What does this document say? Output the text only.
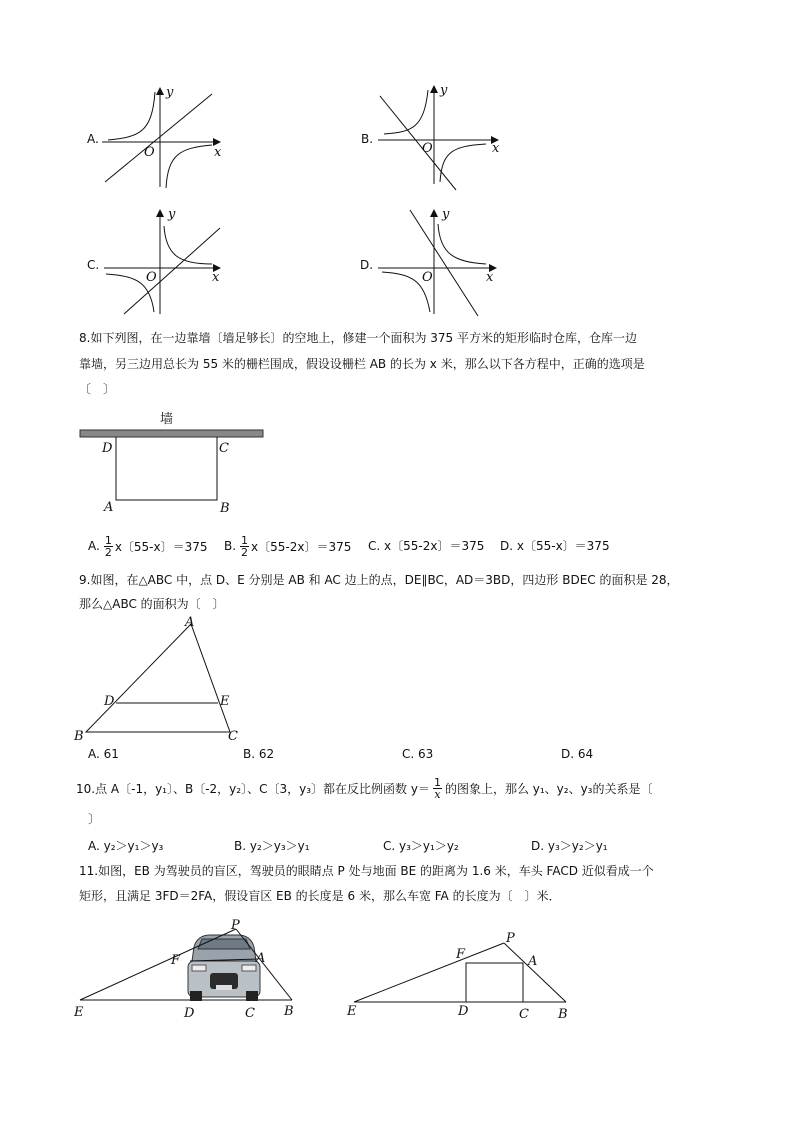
A.
y
O	x
B.
y
O	x
C.
y
O	x
D.
y
O	x
8.如下列图，在一边靠墙〔墙足够长〕的空地上，修建一个面积为 375 平方米的矩形临时仓库，仓库一边
靠墙，另三边用总长为 55 米的栅栏围成，假设设栅栏 AB 的长为 x 米，那么以下各方程中，正确的选项是
〔　〕
墙
D	C
A	B
A. $\frac{1}{2}$ x〔55-x〕＝375 B. $\frac{1}{2}$ x〔55-2x〕＝375 C. x〔55-2x〕＝375 D. x〔55-x〕＝375
9.如图，在△ABC 中，点 D、E 分别是 AB 和 AC 边上的点，DE∥BC，AD＝3BD，四边形 BDEC 的面积是 28，
那么△ABC 的面积为〔　〕
A
D	E
B	C
A. 61	B. 62	C. 63	D. 64
10.点 A〔-1，y₁〕、B〔-2，y₂〕、C〔3，y₃〕都在反比例函数 $y= \frac{1}{x}$ 的图象上，那么 y₁、y₂、y₃的关系是〔
〕
A. y₂＞y₁＞y₃	B. y₂＞y₃＞y₁	C. y₃＞y₁＞y₂	D. y₃＞y₂＞y₁
11.如图，EB 为驾驶员的盲区，驾驶员的眼睛点 P 处与地面 BE 的距离为 1.6 米，车头 FACD 近似看成一个
矩形，且满足 3FD＝2FA，假设盲区 EB 的长度是 6 米，那么车宽 FA 的长度为〔　〕米．
P
F	A
E	D	C B
P
F	A
E	D	C B
